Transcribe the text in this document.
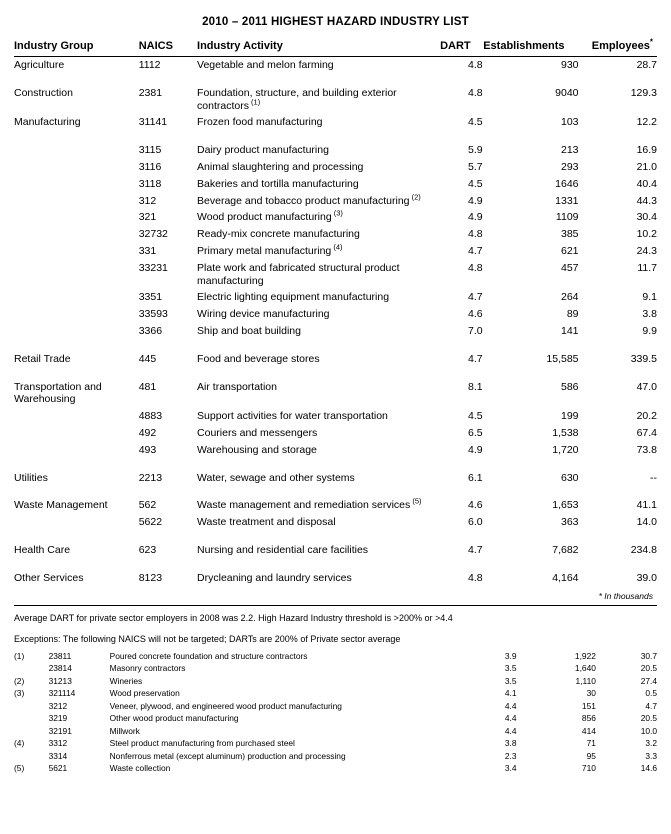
2010 – 2011 HIGHEST HAZARD INDUSTRY LIST
Industry Group	NAICS	Industry Activity	DART	Establishments	Employees*
Agriculture	1112	Vegetable and melon farming	4.8	930	28.7

Construction	2381	Foundation, structure, and building exterior contractors $^{(1)}$	4.8	9040	129.3
Manufacturing	31141	Frozen food manufacturing	4.5	103	12.2

	3115	Dairy product manufacturing	5.9	213	16.9
	3116	Animal slaughtering and processing	5.7	293	21.0
	3118	Bakeries and tortilla manufacturing	4.5	1646	40.4
	312	Beverage and tobacco product manufacturing $^{(2)}$	4.9	1331	44.3
	321	Wood product manufacturing $^{(3)}$	4.9	1109	30.4
	32732	Ready-mix concrete manufacturing	4.8	385	10.2
	331	Primary metal manufacturing $^{(4)}$	4.7	621	24.3
	33231	Plate work and fabricated structural product manufacturing	4.8	457	11.7
	3351	Electric lighting equipment manufacturing	4.7	264	9.1
	33593	Wiring device manufacturing	4.6	89	3.8
	3366	Ship and boat building	7.0	141	9.9

Retail Trade	445	Food and beverage stores	4.7	15,585	339.5

Transportation and Warehousing	481	Air transportation	8.1	586	47.0
	4883	Support activities for water transportation	4.5	199	20.2
	492	Couriers and messengers	6.5	1,538	67.4
	493	Warehousing and storage	4.9	1,720	73.8

Utilities	2213	Water, sewage and other systems	6.1	630	--

Waste Management	562	Waste management and remediation services $^{(5)}$	4.6	1,653	41.1
	5622	Waste treatment and disposal	6.0	363	14.0

Health Care	623	Nursing and residential care facilities	4.7	7,682	234.8

Other Services	8123	Drycleaning and laundry services	4.8	4,164	39.0
* In thousands
Average DART for private sector employers in 2008 was 2.2. High Hazard Industry threshold is >200% or >4.4
Exceptions: The following NAICS will not be targeted; DARTs are 200% of Private sector average
(1)	23811	Poured concrete foundation and structure contractors	3.9	1,922	30.7
	23814	Masonry contractors	3.5	1,640	20.5
(2)	31213	Wineries	3.5	1,110	27.4
(3)	321114	Wood preservation	4.1	30	0.5
	3212	Veneer, plywood, and engineered wood product manufacturing	4.4	151	4.7
	3219	Other wood product manufacturing	4.4	856	20.5
	32191	Millwork	4.4	414	10.0
(4)	3312	Steel product manufacturing from purchased steel	3.8	71	3.2
	3314	Nonferrous metal (except aluminum) production and processing	2.3	95	3.3
(5)	5621	Waste collection	3.4	710	14.6
